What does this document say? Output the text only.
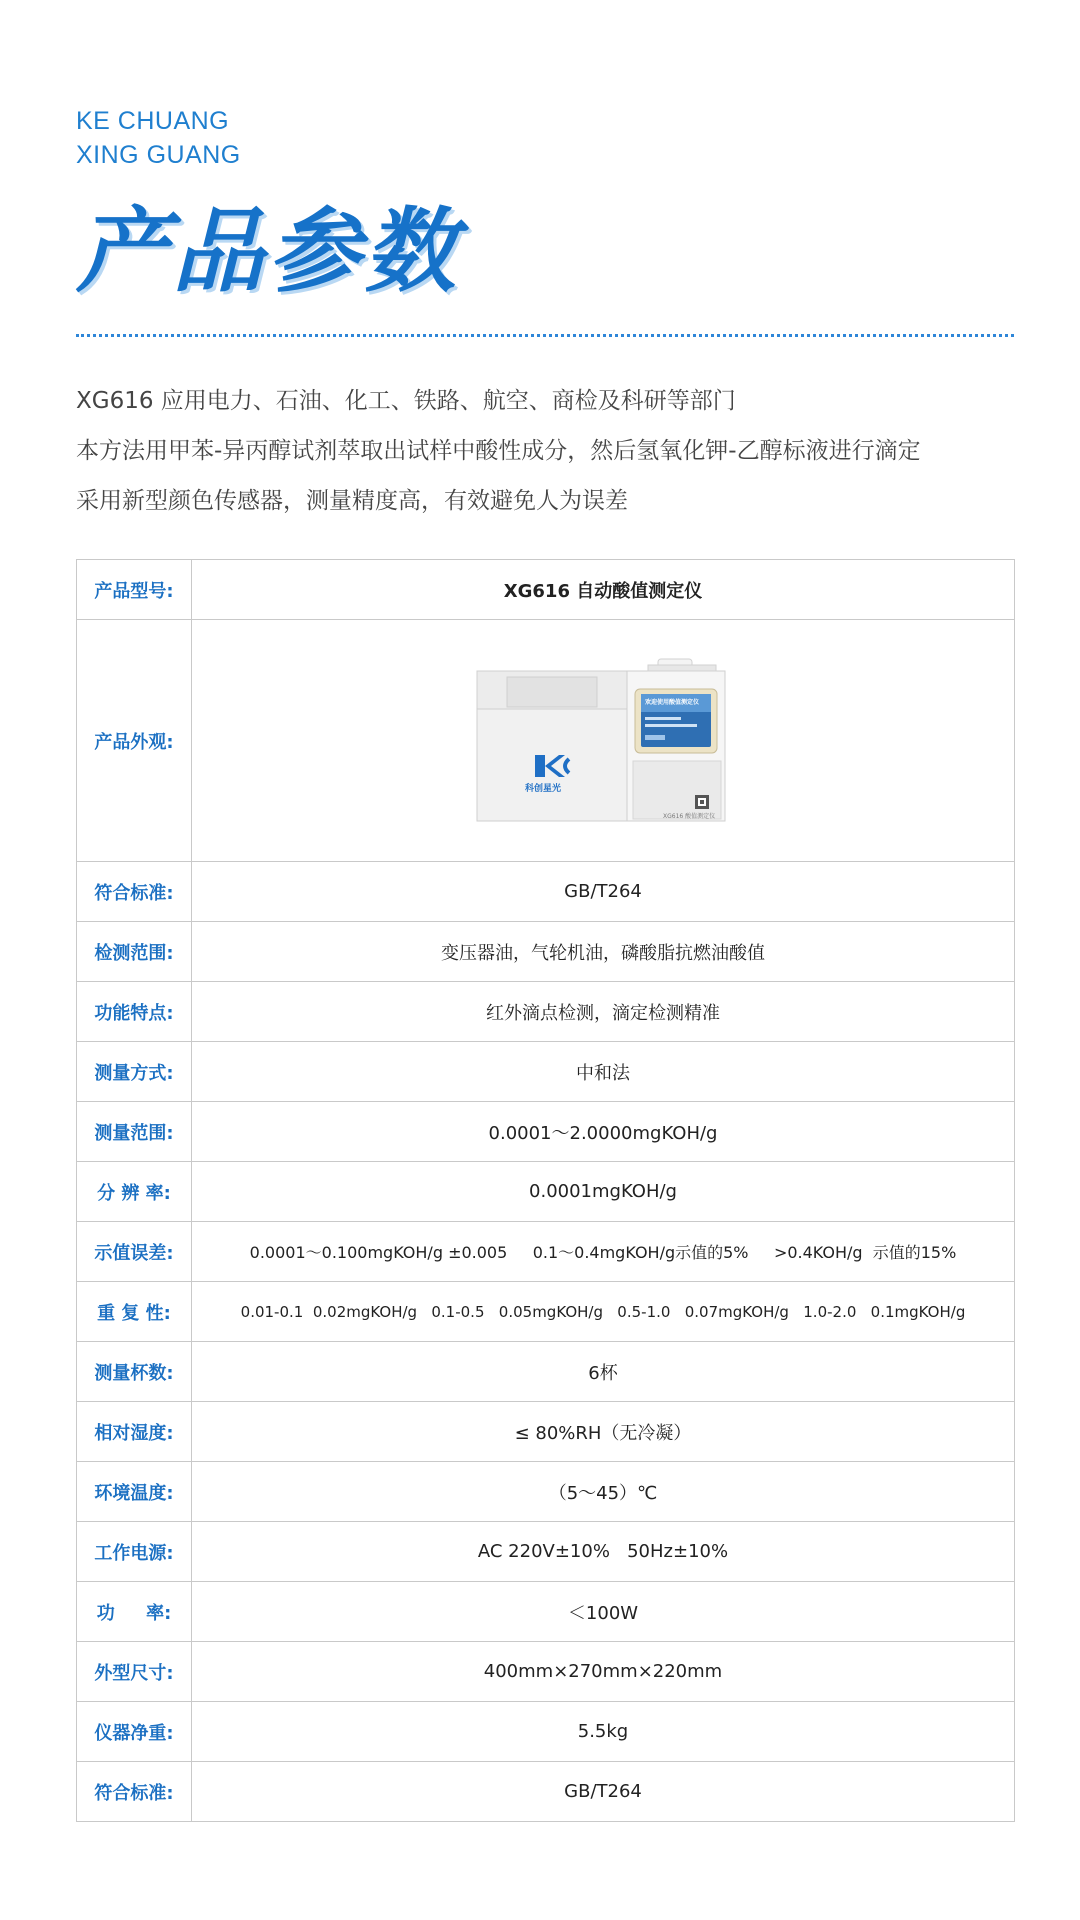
KE CHUANG
XING GUANG
产品参数
XG616 应用电力、石油、化工、铁路、航空、商检及科研等部门
本方法用甲苯-异丙醇试剂萃取出试样中酸性成分，然后氢氧化钾-乙醇标液进行滴定
采用新型颜色传感器，测量精度高，有效避免人为误差
产品型号:	XG616 自动酸值测定仪
产品外观:	科创星光
XG616 酸值测定仪
欢迎使用酸值测定仪

符合标准:	GB/T264
检测范围:	变压器油，气轮机油，磷酸脂抗燃油酸值
功能特点:	红外滴点检测，滴定检测精准
测量方式:	中和法
测量范围:	0.0001～2.0000mgKOH/g
分 辨 率:	0.0001mgKOH/g
示值误差:	0.0001～0.100mgKOH/g ±0.005     0.1～0.4mgKOH/g示值的5%     >0.4KOH/g  示值的15%
重 复 性:	0.01-0.1  0.02mgKOH/g   0.1-0.5   0.05mgKOH/g   0.5-1.0   0.07mgKOH/g   1.0-2.0   0.1mgKOH/g
测量杯数:	6杯
相对湿度:	≤ 80%RH（无冷凝）
环境温度:	（5～45）℃
工作电源:	AC 220V±10%   50Hz±10%
功     率:	＜100W
外型尺寸:	400mm×270mm×220mm
仪器净重:	5.5kg
符合标准:	GB/T264
